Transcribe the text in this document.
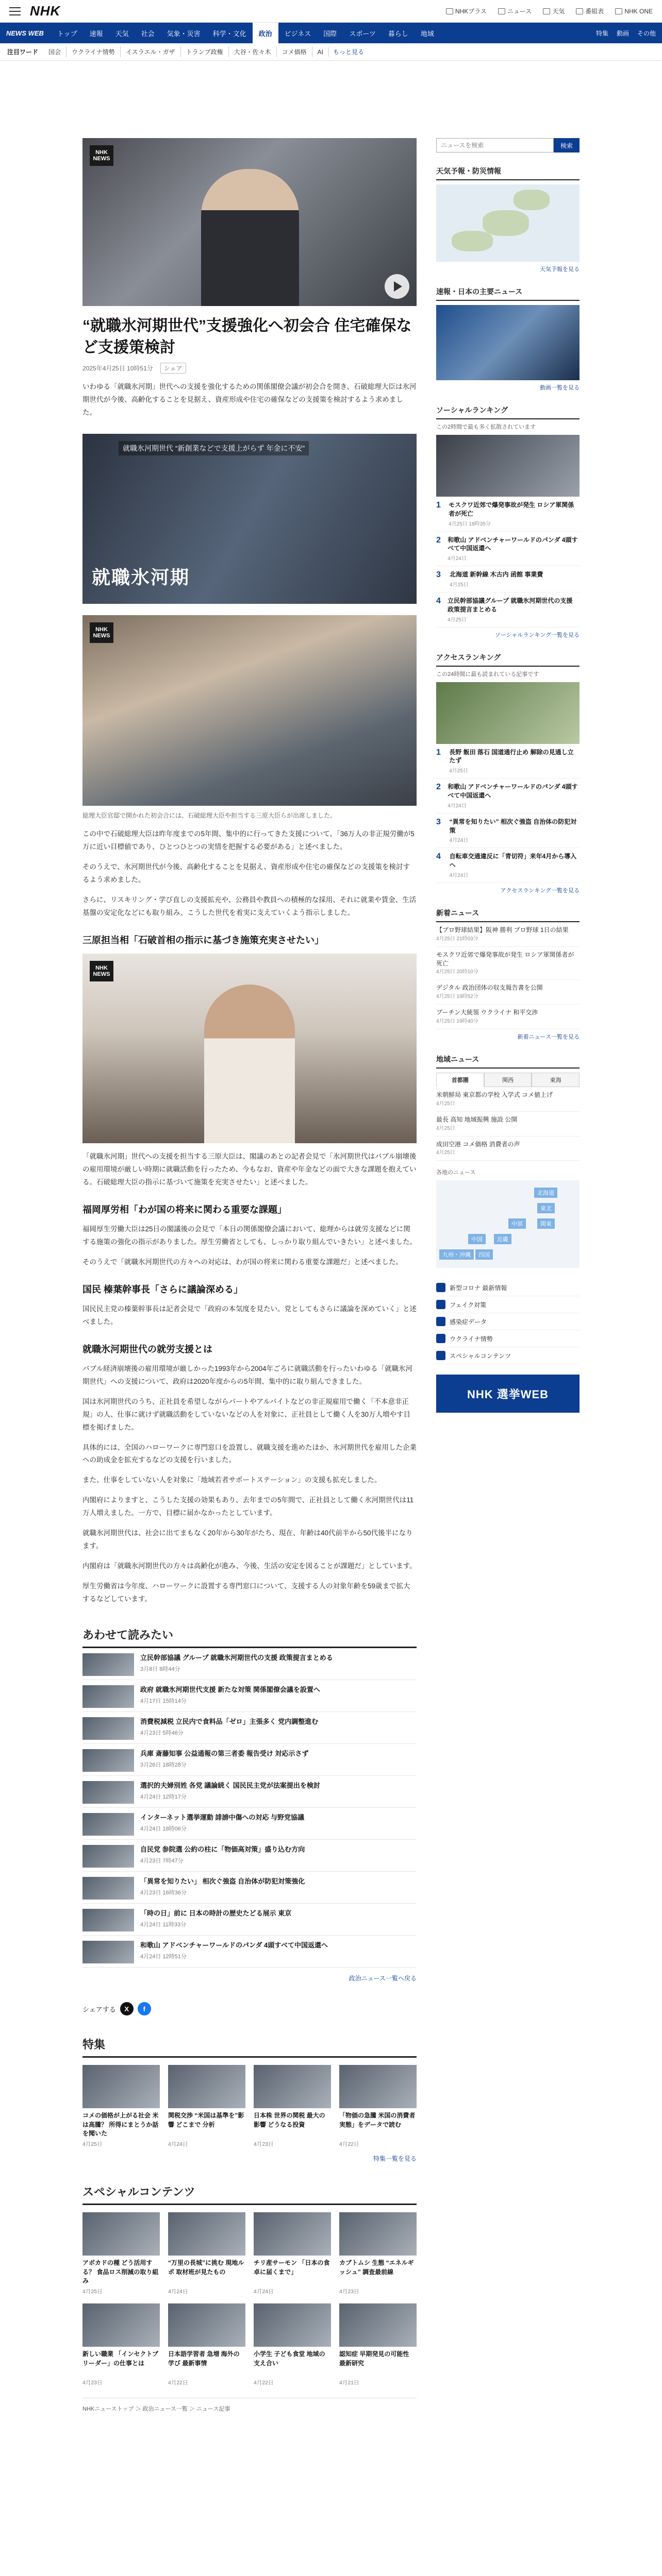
NHK	NHKプラス	ニュース	天気	番組表	NHK ONE
NEWS WEB	トップ	速報	天気	社会	気象・災害	科学・文化	政治	ビジネス	国際	スポーツ	暮らし	地域	特集 動画 その他
注目ワード	国会	ウクライナ情勢	イスラエル・ガザ	トランプ政権	大谷・佐々木	コメ価格	AI	もっと見る
NHK
NEWS
“就職氷河期世代”支援強化へ初会合 住宅確保など支援策検討
2025年4月25日 10時51分	シェア

いわゆる「就職氷河期」世代への支援を強化するための関係閣僚会議が初会合を開き、石破総理大臣は氷河期世代が今後、高齢化することを見据え、資産形成や住宅の確保などの支援策を検討するよう求めました。

就職氷河期世代 “新創業などで支援上がらず 年金に不安”
就職氷河期
NHK
NEWS

総理大臣官邸で開かれた初会合には、石破総理大臣や担当する三原大臣らが出席しました。

この中で石破総理大臣は昨年度までの5年間、集中的に行ってきた支援について、「36万人の非正規労働が5万に近い目標値であり、ひとつひとつの実情を把握する必要がある」と述べました。

そのうえで、氷河期世代が今後、高齢化することを見据え、資産形成や住宅の確保などの支援策を検討するよう求めました。

さらに、リスキリング・学び直しの支援拡充や、公務員や教員への積極的な採用、それに就業や賃金、生活基盤の安定化などにも取り組み、こうした世代を着実に支えていくよう指示しました。

三原担当相「石破首相の指示に基づき施策充実させたい」
NHK
NEWS

「就職氷河期」世代への支援を担当する三原大臣は、閣議のあとの記者会見で「氷河期世代はバブル崩壊後の雇用環境が厳しい時期に就職活動を行ったため、今もなお、資産や年金などの面で大きな課題を抱えている。石破総理大臣の指示に基づいて施策を充実させたい」と述べました。

福岡厚労相「わが国の将来に関わる重要な課題」

福岡厚生労働大臣は25日の閣議後の会見で「本日の関係閣僚会議において、総理からは就労支援などに関する施策の強化の指示がありました。厚生労働省としても、しっかり取り組んでいきたい」と述べました。

そのうえで「就職氷河期世代の方々への対応は、わが国の将来に関わる重要な課題だ」と述べました。

国民 榛葉幹事長「さらに議論深める」

国民民主党の榛葉幹事長は記者会見で「政府の本気度を見たい。党としてもさらに議論を深めていく」と述べました。

就職氷河期世代の就労支援とは

バブル経済崩壊後の雇用環境が厳しかった1993年から2004年ごろに就職活動を行ったいわゆる「就職氷河期世代」への支援について、政府は2020年度からの5年間、集中的に取り組んできました。

国は氷河期世代のうち、正社員を希望しながらパートやアルバイトなどの非正規雇用で働く「不本意非正規」の人、仕事に就けず就職活動をしていないなどの人を対象に、正社員として働く人を30万人増やす目標を掲げました。

具体的には、全国のハローワークに専門窓口を設置し、就職支援を進めたほか、氷河期世代を雇用した企業への助成金を拡充するなどの支援を行いました。

また、仕事をしていない人を対象に「地域若者サポートステーション」の支援も拡充しました。

内閣府によりますと、こうした支援の効果もあり、去年までの5年間で、正社員として働く氷河期世代は11万人増えました。一方で、目標に届かなかったとしています。

就職氷河期世代は、社会に出てまもなく20年から30年がたち、現在、年齢は40代前半から50代後半になります。

内閣府は「就職氷河期世代の方々は高齢化が進み、今後、生活の安定を図ることが課題だ」としています。

厚生労働省は今年度、ハローワークに設置する専門窓口について、支援する人の対象年齢を59歳まで拡大するなどしています。

あわせて読みたい
立民幹部協議 グループ 就職氷河期世代の支援 政策提言まとめる
3月8日 8時44分
政府 就職氷河期世代支援 新たな対策 関係閣僚会議を設置へ
4月17日 15時14分
消費税減税 立民内で食料品「ゼロ」主張多く 党内調整進む
4月23日 5時46分
兵庫 斎藤知事 公益通報の第三者委 報告受け 対応示さず
3月26日 18時28分
選択的夫婦別姓 各党 議論続く 国民民主党が法案提出を検討
4月24日 12時17分
インターネット選挙運動 誹謗中傷への対応 与野党協議
4月24日 18時06分
自民党 参院選 公約の柱に「物価高対策」盛り込む方向
4月23日 7時47分
「異常を知りたい」 相次ぐ強盗 自治体が防犯対策強化
4月23日 16時36分
「時の日」前に 日本の時計の歴史たどる展示 東京
4月24日 11時33分
和歌山 アドベンチャーワールドのパンダ 4頭すべて中国返還へ
4月24日 12時51分
政治ニュース一覧へ戻る
シェアする	X	f
特集
コメの価格が上がる社会 米は高騰？ 所得にまとうか話を聞いた
4月25日
関税交渉 “米国は基準を”影響 どこまで 分析
4月24日
日本株 世界の関税 最大の影響 どうなる投資
4月23日
「物価の急騰 米国の消費者 実態」をデータで読む
4月22日
特集一覧を見る
スペシャルコンテンツ
アボカドの種 どう活用する？ 食品ロス削減の取り組み
4月25日
“万里の長城”に挑む 現地ルポ 取材班が見たもの
4月24日
チリ産サーモン 「日本の食卓に届くまで」
4月24日
カブトムシ 生態 “エネルギッシュ” 調査最前線
4月23日
新しい職業 「インセクトブリーダー」の仕事とは
4月23日
日本語学習者 急増 海外の学び 最新事情
4月22日
小学生 子ども食堂 地域の支え合い
4月22日
認知症 早期発見の可能性 最新研究
4月21日
NHKニューストップ ＞ 政治ニュース一覧 ＞ ニュース記事
ニュースを検索
検索
天気予報・防災情報
天気予報を見る
速報・日本の主要ニュース
動画一覧を見る
ソーシャルランキング
この2時間で最も多く拡散されています
1	モスクワ近郊で爆発事故が発生 ロシア軍関係者が死亡
4月25日 18時35分
2 和歌山 アドベンチャーワールドのパンダ 4頭すべて中国返還へ
4月24日
3	北海道 新幹線 木古内 函館 事業費
4月25日
4 立民幹部協議グループ 就職氷河期世代の支援 政策提言まとめる
4月25日
ソーシャルランキング一覧を見る
アクセスランキング
この24時間に最も読まれている記事です
1	長野 飯田 落石 国道通行止め 解除の見通し立たず
4月25日
2 和歌山 アドベンチャーワールドのパンダ 4頭すべて中国返還へ
4月24日
3	“異常を知りたい” 相次ぐ強盗 自治体の防犯対策
4月24日
4	自転車交通違反に「青切符」来年4月から導入へ
4月24日
アクセスランキング一覧を見る
新着ニュース
【プロ野球結果】阪神 勝利 プロ野球 1日の結果
4月25日 21時03分
モスクワ近郊で爆発事故が発生 ロシア軍関係者が死亡
4月25日 20時10分
デジタル 政治団体の収支報告書を公開
4月25日 19時52分
プーチン大統領 ウクライナ 和平交渉
4月25日 19時40分
新着ニュース一覧を見る
地域ニュース
首都圏	関西	東海
米朝鮮局 東京都の学校 入学式 コメ値上げ
4月25日
最長 高知 地域振興 施設 公開
4月25日
成田空港 コメ価格 消費者の声
4月25日
各地のニュース
北海道
東北
関東
中部
近畿
中国
四国
九州・沖縄
新型コロナ 最新情報
フェイク対策
感染症データ
ウクライナ情勢
スペシャルコンテンツ
NHK 選挙WEB
